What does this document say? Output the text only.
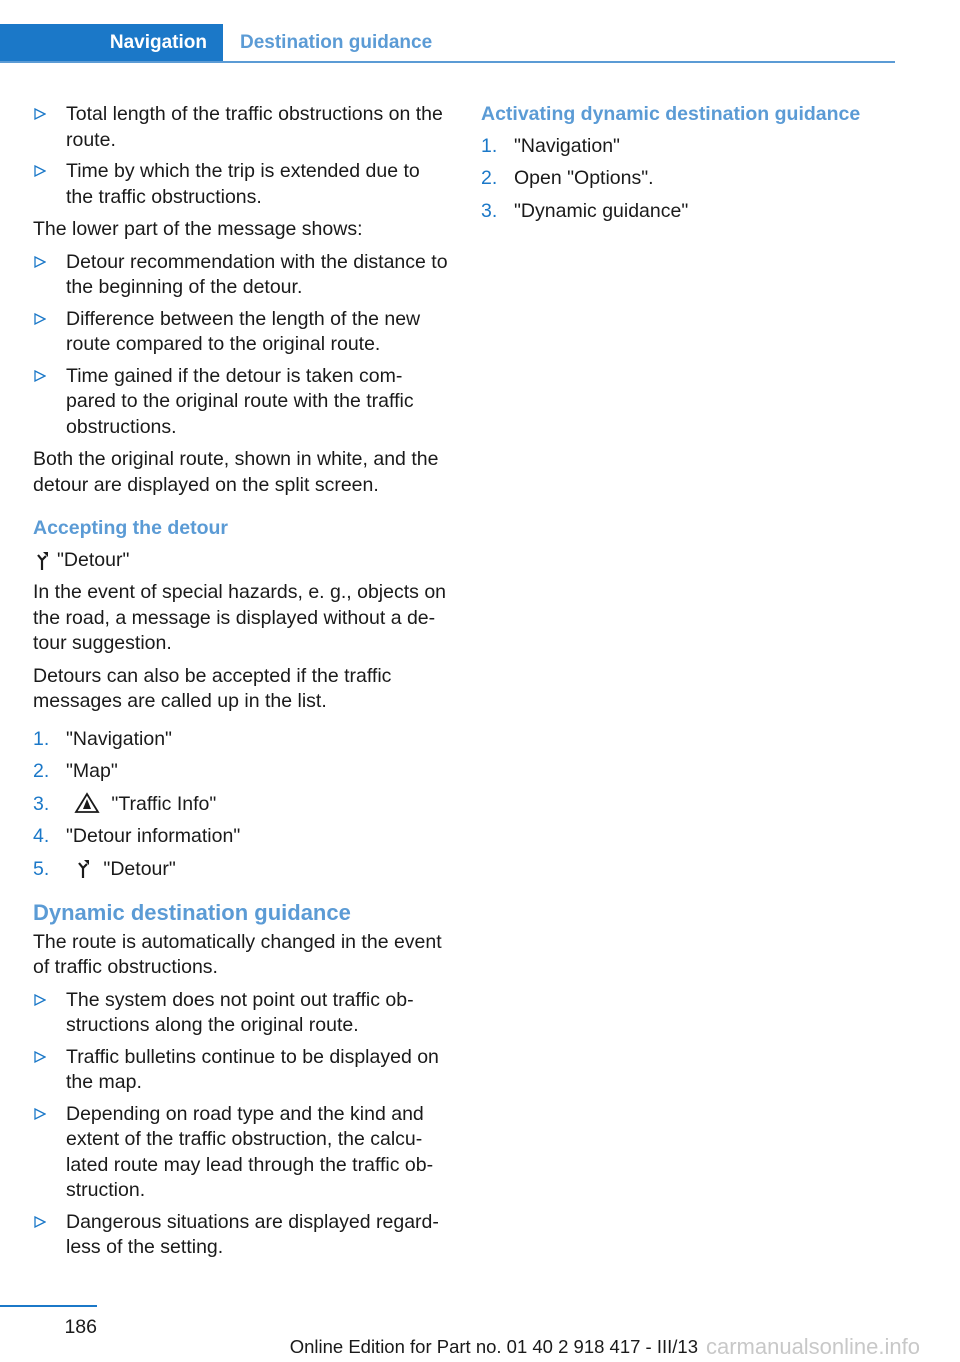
Navigation Destination guidance
Total length of the traffic obstructions on the route.
Time by which the trip is extended due to the traffic obstructions.

The lower part of the message shows:

Detour recommendation with the distance to the beginning of the detour.
Difference between the length of the new route compared to the original route.
Time gained if the detour is taken com‐ pared to the original route with the traffic obstructions.

Both the original route, shown in white, and the detour are displayed on the split screen.

Accepting the detour
"Detour"

In the event of special hazards, e. g., objects on the road, a message is displayed without a de‐ tour suggestion.

Detours can also be accepted if the traffic messages are called up in the list.

1. "Navigation"
2. "Map"
3.	"Traffic Info"
4. "Detour information"
5.	"Detour"
Dynamic destination guidance

The route is automatically changed in the event of traffic obstructions.

The system does not point out traffic ob‐ structions along the original route.
Traffic bulletins continue to be displayed on the map.
Depending on road type and the kind and extent of the traffic obstruction, the calcu‐ lated route may lead through the traffic ob‐ struction.
Dangerous situations are displayed regard‐ less of the setting.
Activating dynamic destination guidance
1. "Navigation"
2. Open "Options".
3. "Dynamic guidance"
186
Online Edition for Part no. 01 40 2 918 417 - III/13 carmanualsonline.info
